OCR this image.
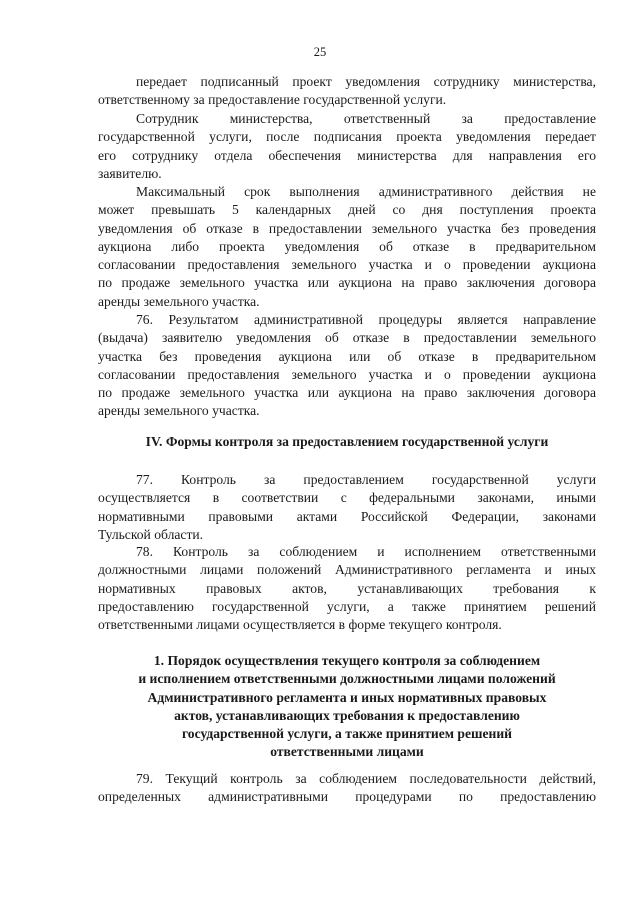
25
передает подписанный проект уведомления сотруднику министерства,
ответственному за предоставление государственной услуги.
Сотрудник министерства, ответственный за предоставление
государственной услуги, после подписания проекта уведомления передает
его сотруднику отдела обеспечения министерства для направления его
заявителю.
Максимальный срок выполнения административного действия не
может превышать 5 календарных дней со дня поступления проекта
уведомления об отказе в предоставлении земельного участка без проведения
аукциона либо проекта уведомления об отказе в предварительном
согласовании предоставления земельного участка и о проведении аукциона
по продаже земельного участка или аукциона на право заключения договора
аренды земельного участка.
76. Результатом административной процедуры является направление
(выдача) заявителю уведомления об отказе в предоставлении земельного
участка без проведения аукциона или об отказе в предварительном
согласовании предоставления земельного участка и о проведении аукциона
по продаже земельного участка или аукциона на право заключения договора
аренды земельного участка.
IV. Формы контроля за предоставлением государственной услуги
77. Контроль за предоставлением государственной услуги
осуществляется в соответствии с федеральными законами, иными
нормативными правовыми актами Российской Федерации, законами
Тульской области.
78. Контроль за соблюдением и исполнением ответственными
должностными лицами положений Административного регламента и иных
нормативных правовых актов, устанавливающих требования к
предоставлению государственной услуги, а также принятием решений
ответственными лицами осуществляется в форме текущего контроля.
1. Порядок осуществления текущего контроля за соблюдением
и исполнением ответственными должностными лицами положений
Административного регламента и иных нормативных правовых
актов, устанавливающих требования к предоставлению
государственной услуги, а также принятием решений
ответственными лицами
79. Текущий контроль за соблюдением последовательности действий,
определенных административными процедурами по предоставлению
